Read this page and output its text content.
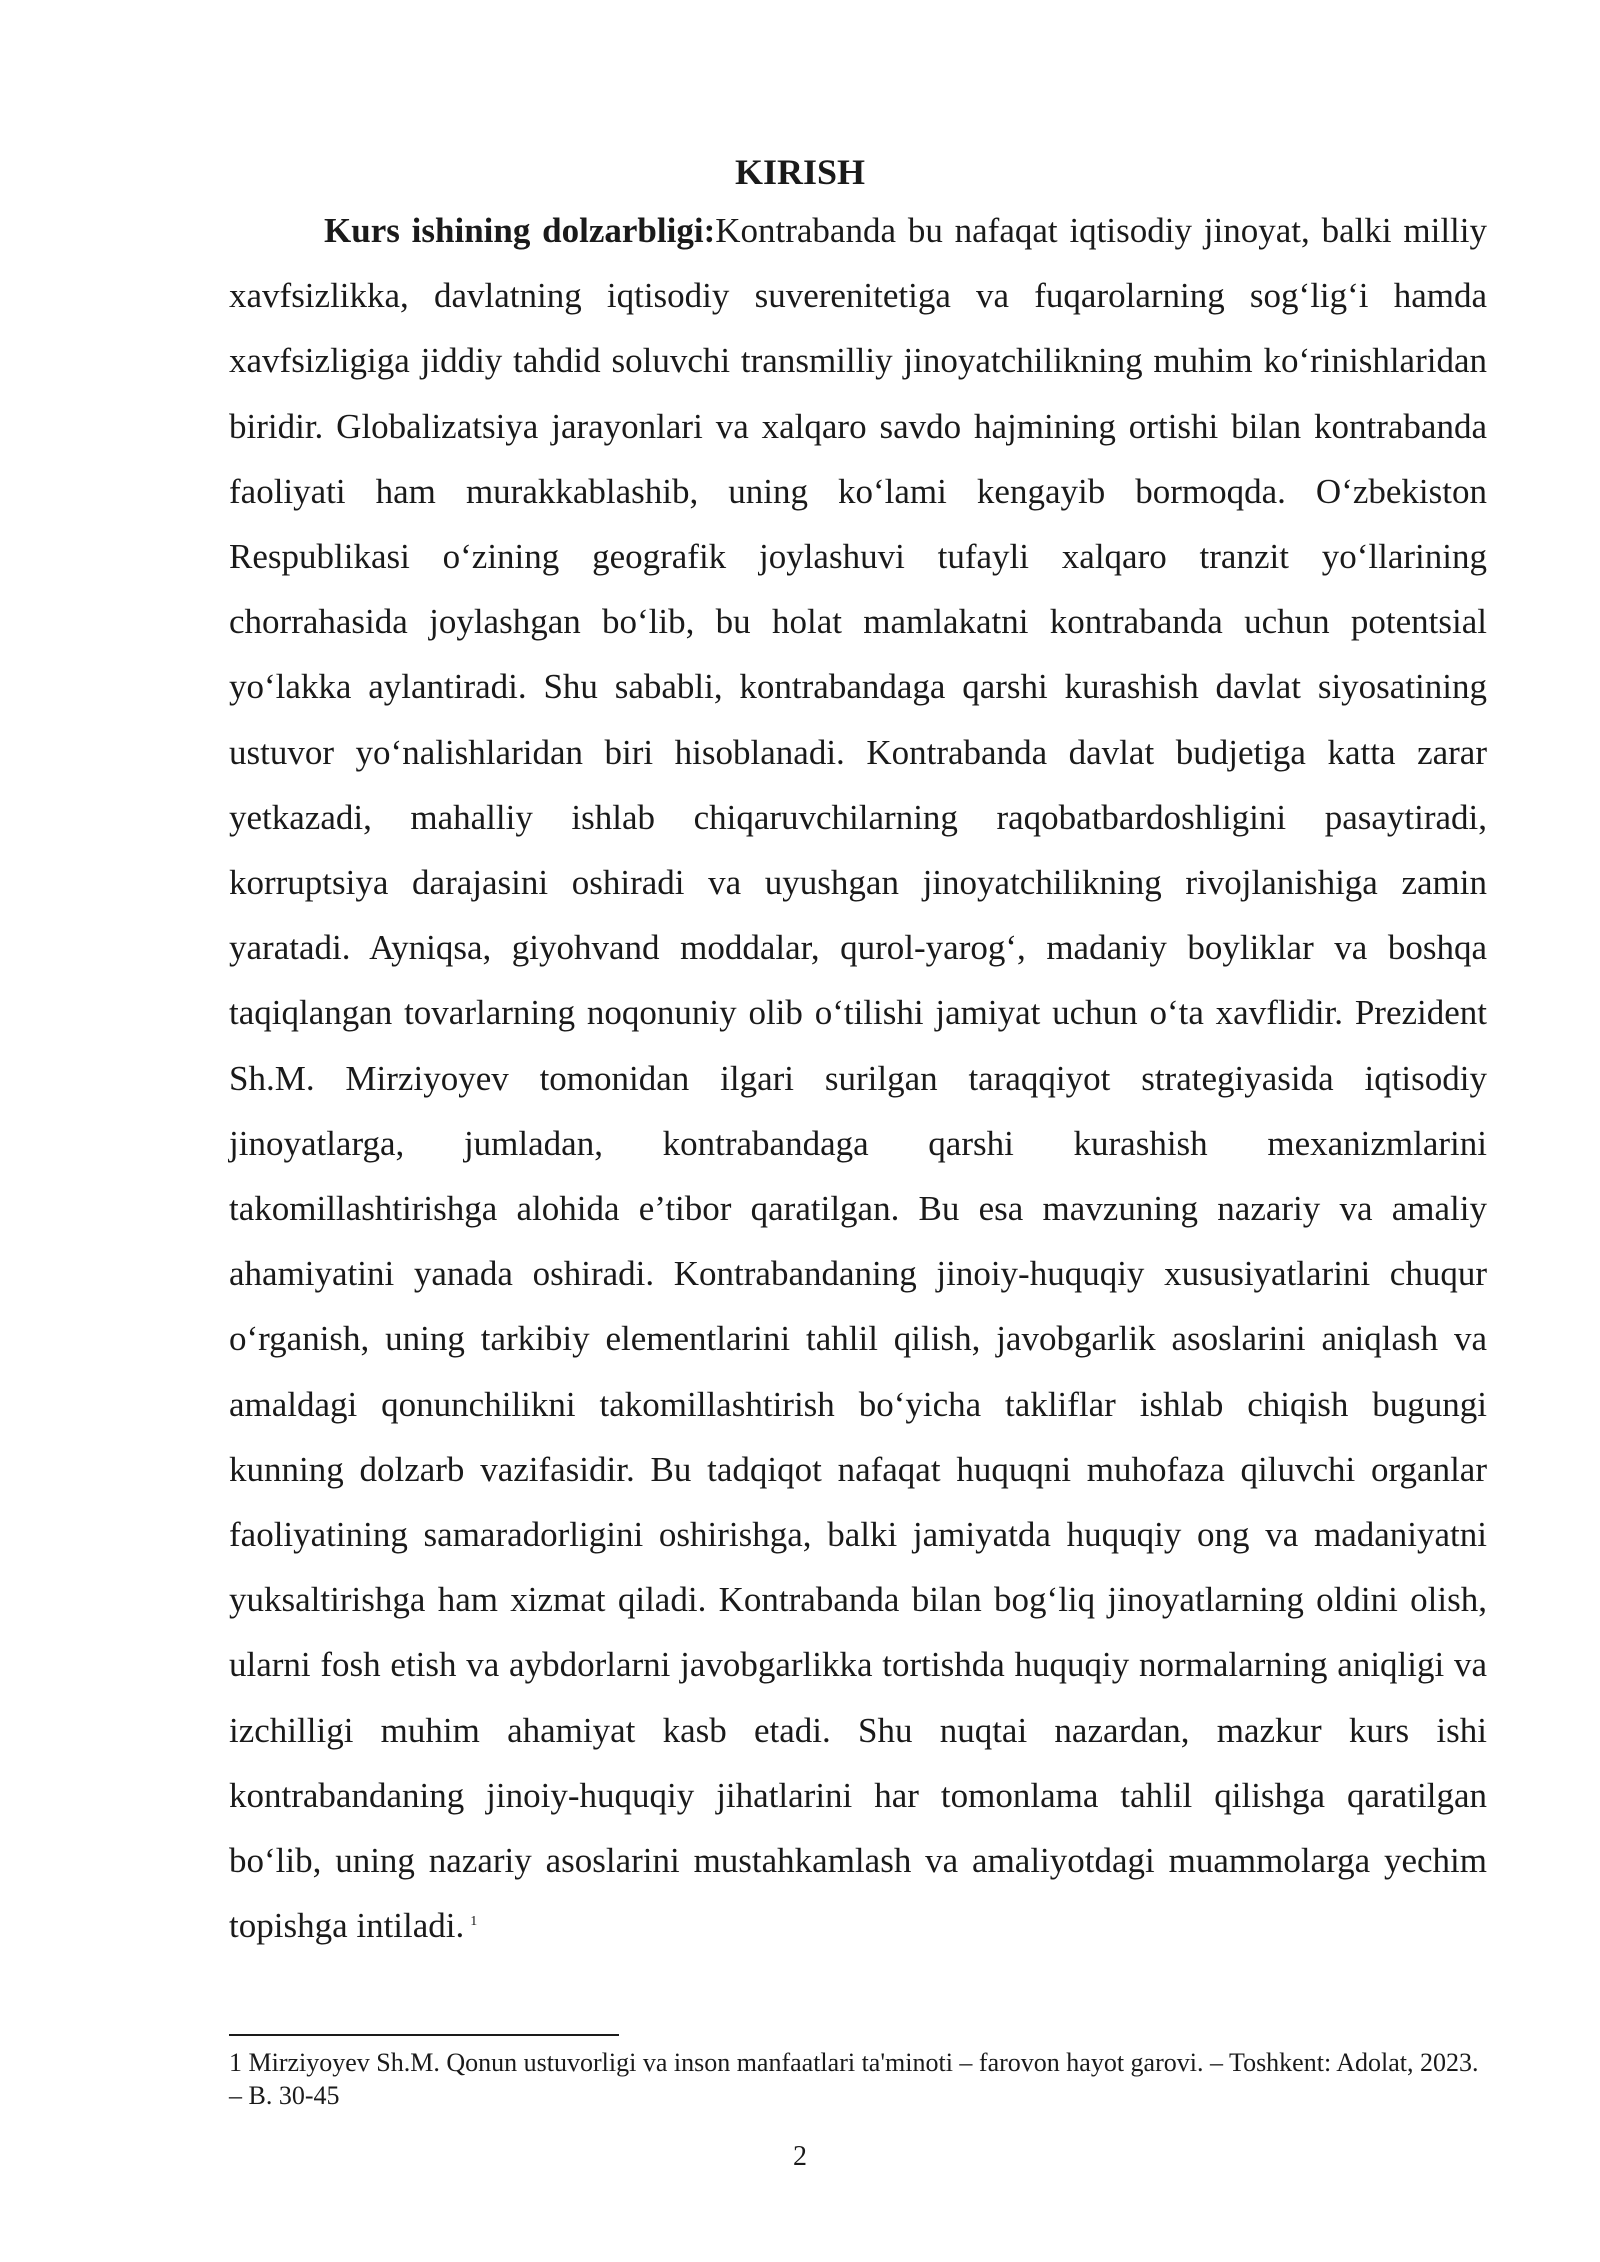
KIRISH

Kurs ishining dolzarbligi:Kontrabanda bu nafaqat iqtisodiy jinoyat, balki milliy xavfsizlikka, davlatning iqtisodiy suverenitetiga va fuqarolarning sog‘lig‘i hamda xavfsizligiga jiddiy tahdid soluvchi transmilliy jinoyatchilikning muhim ko‘rinishlaridan biridir. Globalizatsiya jarayonlari va xalqaro savdo hajmining ortishi bilan kontrabanda faoliyati ham murakkablashib, uning ko‘lami kengayib bormoqda. O‘zbekiston Respublikasi o‘zining geografik joylashuvi tufayli xalqaro tranzit yo‘llarining chorrahasida joylashgan bo‘lib, bu holat mamlakatni kontrabanda uchun potentsial yo‘lakka aylantiradi. Shu sababli, kontrabandaga qarshi kurashish davlat siyosatining ustuvor yo‘nalishlaridan biri hisoblanadi. Kontrabanda davlat budjetiga katta zarar yetkazadi, mahalliy ishlab chiqaruvchilarning raqobatbardoshligini pasaytiradi, korruptsiya darajasini oshiradi va uyushgan jinoyatchilikning rivojlanishiga zamin yaratadi. Ayniqsa, giyohvand moddalar, qurol-yarog‘, madaniy boyliklar va boshqa taqiqlangan tovarlarning noqonuniy olib o‘tilishi jamiyat uchun o‘ta xavflidir. Prezident Sh.M. Mirziyoyev tomonidan ilgari surilgan taraqqiyot strategiyasida iqtisodiy jinoyatlarga, jumladan, kontrabandaga qarshi kurashish mexanizmlarini takomillashtirishga alohida e’tibor qaratilgan. Bu esa mavzuning nazariy va amaliy ahamiyatini yanada oshiradi. Kontrabandaning jinoiy-huquqiy xususiyatlarini chuqur o‘rganish, uning tarkibiy elementlarini tahlil qilish, javobgarlik asoslarini aniqlash va amaldagi qonunchilikni takomillashtirish bo‘yicha takliflar ishlab chiqish bugungi kunning dolzarb vazifasidir. Bu tadqiqot nafaqat huquqni muhofaza qiluvchi organlar faoliyatining samaradorligini oshirishga, balki jamiyatda huquqiy ong va madaniyatni yuksaltirishga ham xizmat qiladi. Kontrabanda bilan bog‘liq jinoyatlarning oldini olish, ularni fosh etish va aybdorlarni javobgarlikka tortishda huquqiy normalarning aniqligi va izchilligi muhim ahamiyat kasb etadi. Shu nuqtai nazardan, mazkur kurs ishi kontrabandaning jinoiy-huquqiy jihatlarini har tomonlama tahlil qilishga qaratilgan bo‘lib, uning nazariy asoslarini mustahkamlash va amaliyotdagi muammolarga yechim topishga intiladi. $^1$

1 Mirziyoyev Sh.M. Qonun ustuvorligi va inson manfaatlari ta'minoti – farovon hayot garovi. – Toshkent: Adolat, 2023. – B. 30-45

2
